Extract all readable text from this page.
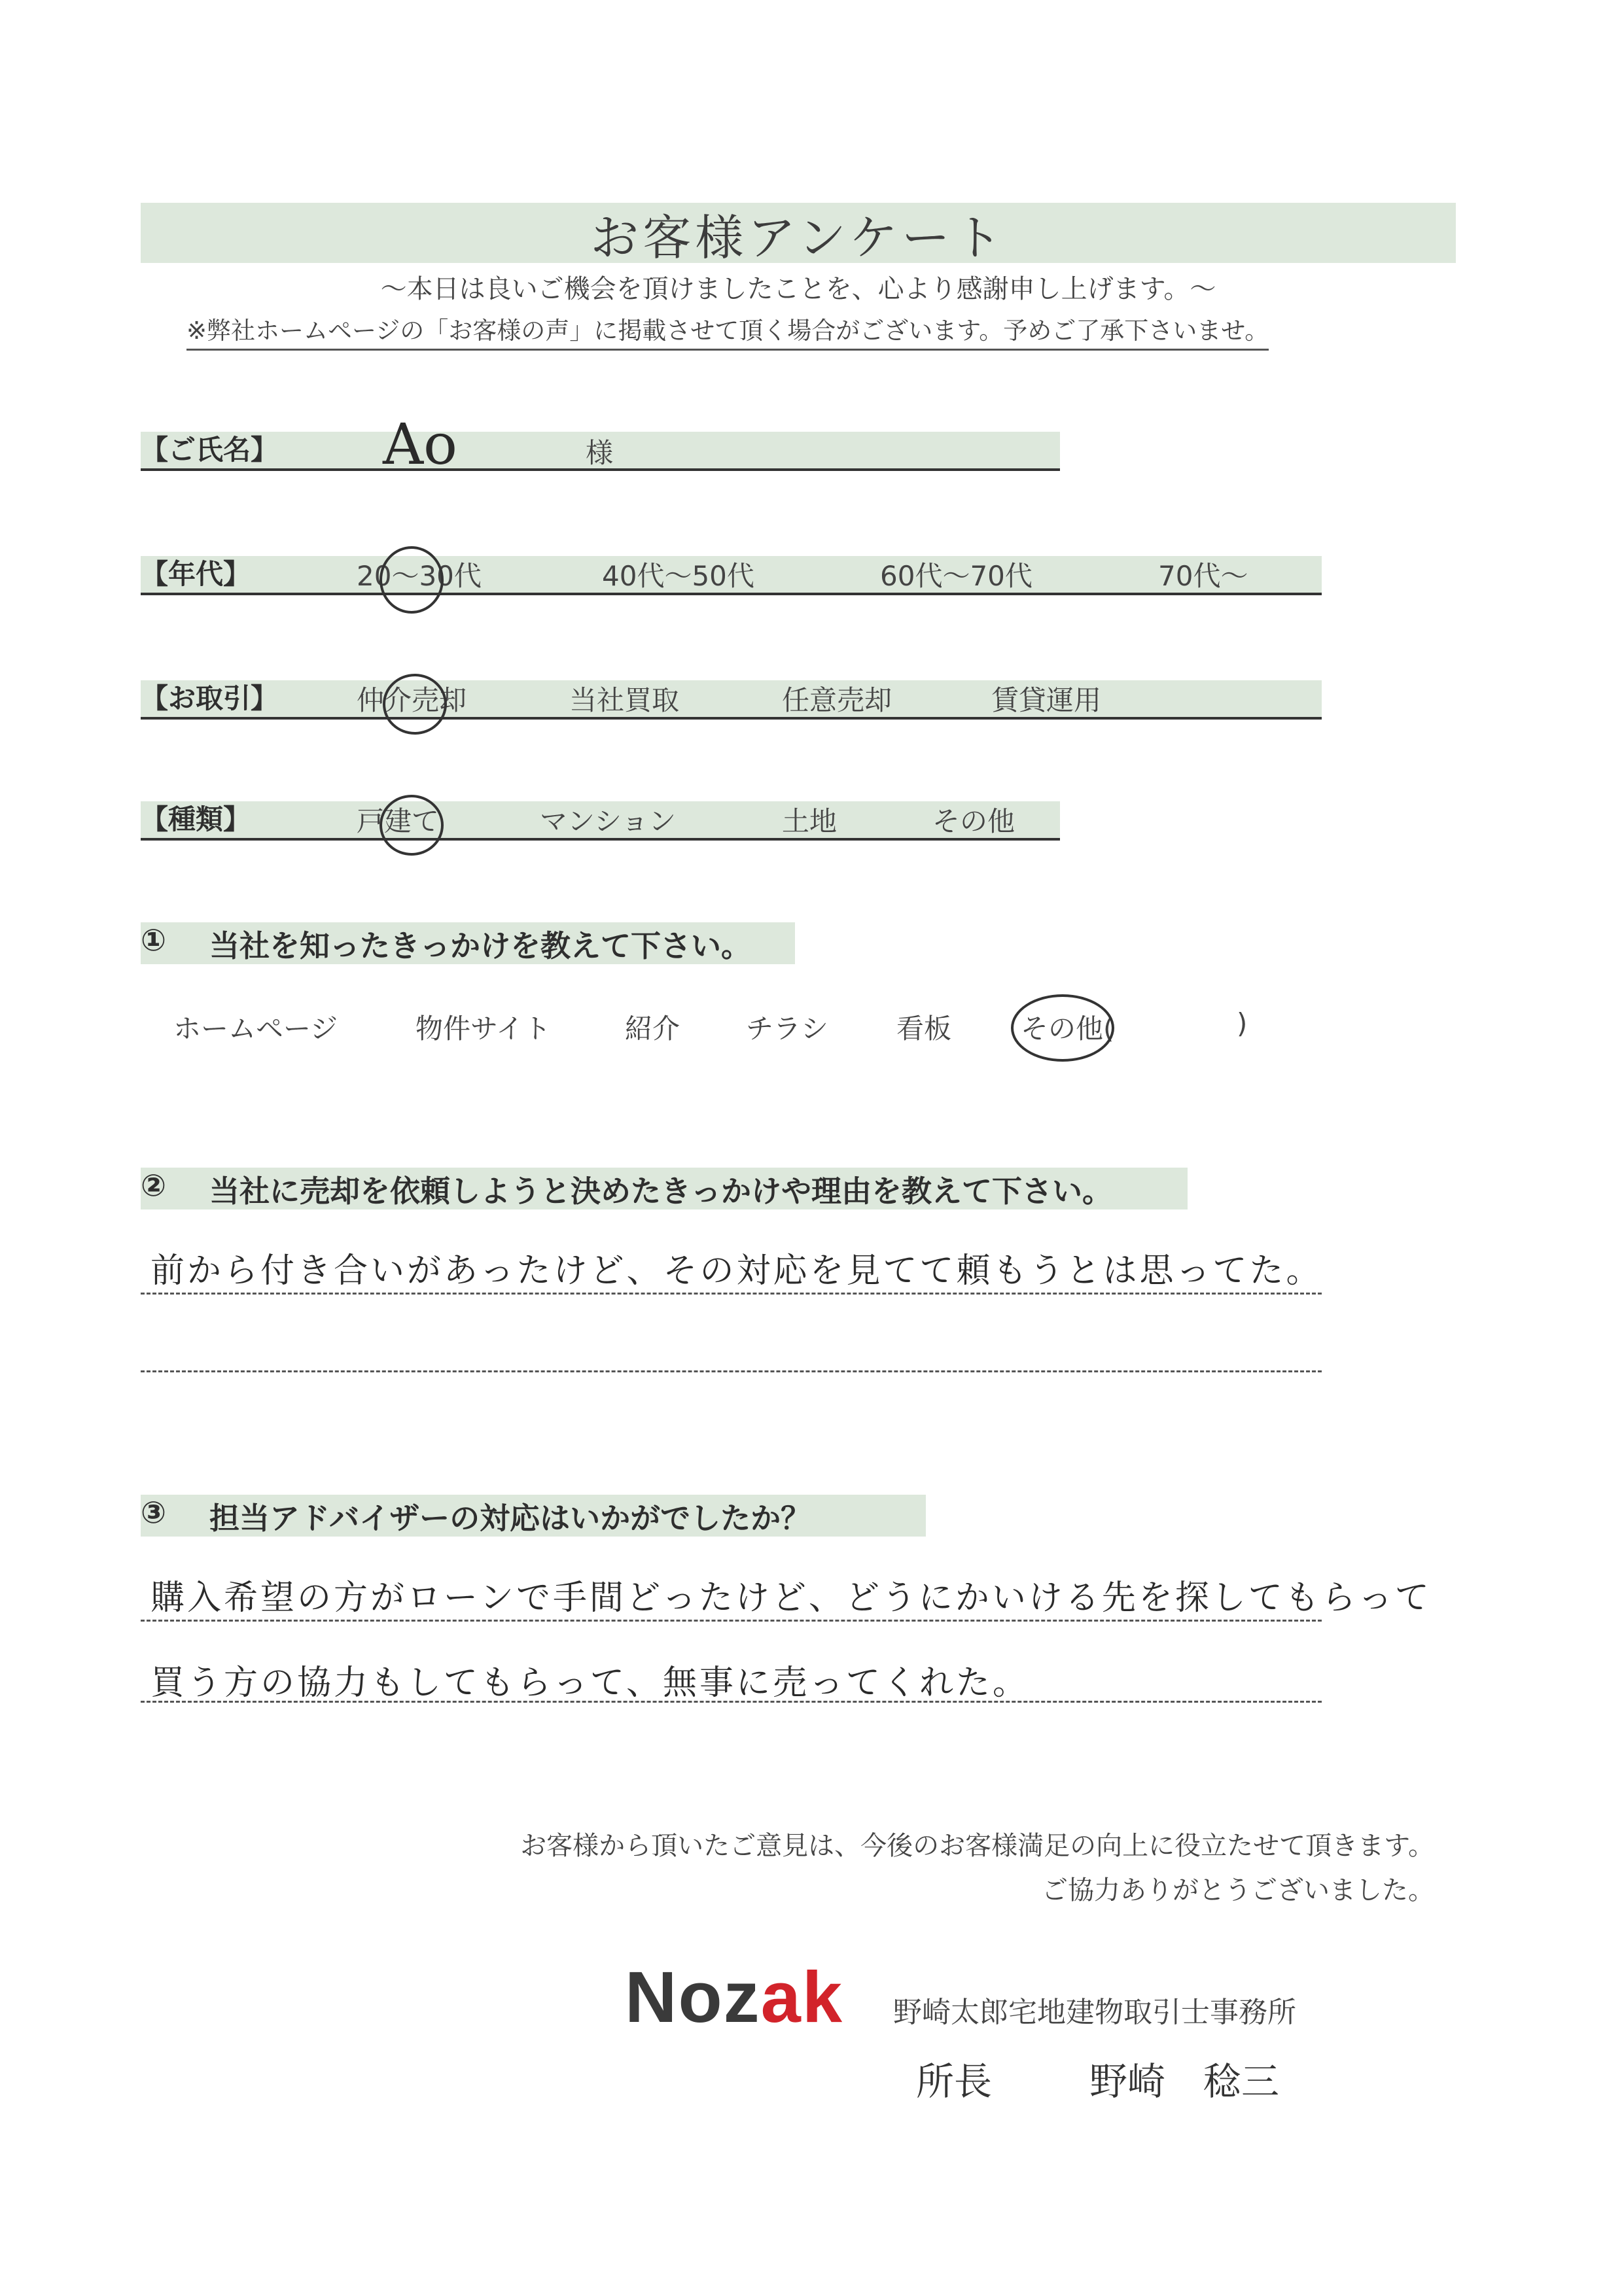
お客様アンケート
～本日は良いご機会を頂けましたことを、心より感謝申し上げます。～
※弊社ホームページの「お客様の声」に掲載させて頂く場合がございます。予めご了承下さいませ。
【ご氏名】 Ao	様
【年代】	20～30代	40代～50代	60代～70代	70代～
【お取引】	仲介売却	当社買取	任意売却	賃貸運用
【種類】	戸建て	マンション	土地	その他
① 当社を知ったきっかけを教えて下さい。
ホームページ	物件サイト	紹介 チラシ 看板	その他(	)
② 当社に売却を依頼しようと決めたきっかけや理由を教えて下さい。
前から付き合いがあったけど、その対応を見てて頼もうとは思ってた。
③ 担当アドバイザーの対応はいかがでしたか？
購入希望の方がローンで手間どったけど、どうにかいける先を探してもらって
買う方の協力もしてもらって、無事に売ってくれた。
お客様から頂いたご意見は、今後のお客様満足の向上に役立たせて頂きます。
ご協力ありがとうございました。
Nozak 野崎太郎宅地建物取引士事務所
所長	野崎　稔三
